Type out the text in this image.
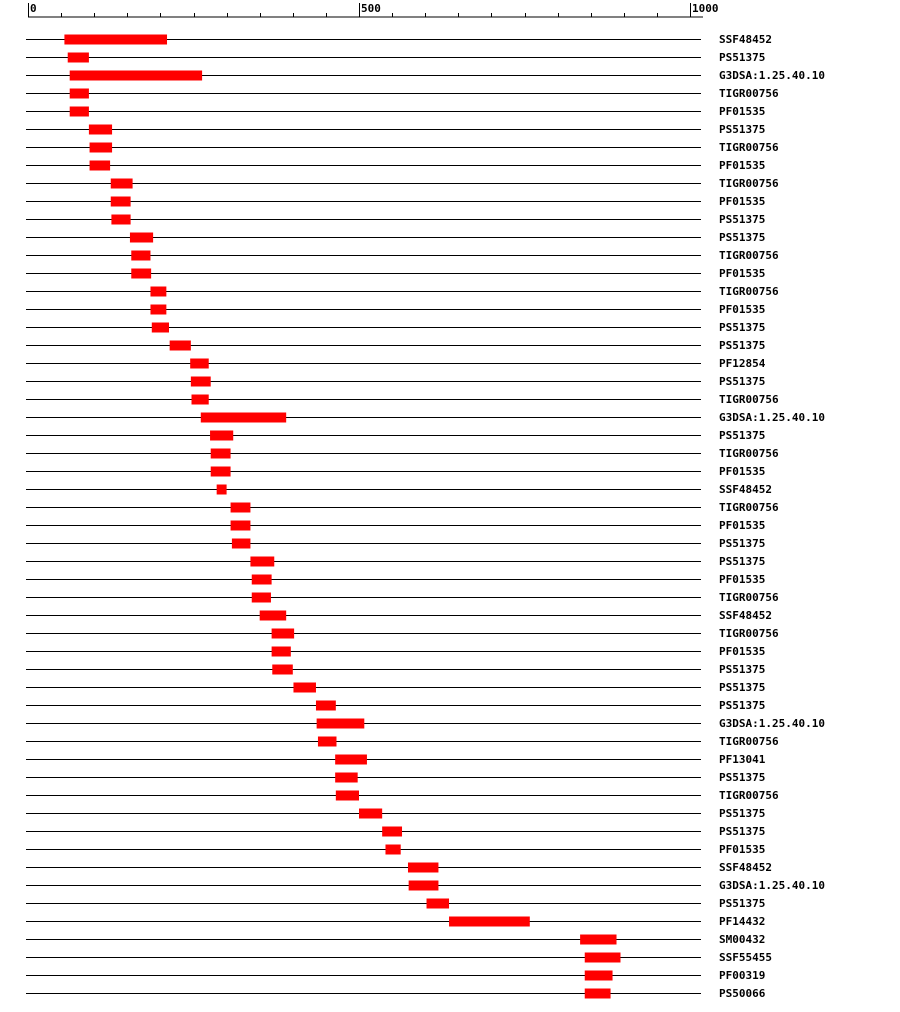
0	500	1000
SSF48452
PS51375
G3DSA:1.25.40.10
TIGR00756
PF01535
PS51375
TIGR00756
PF01535
TIGR00756
PF01535
PS51375
PS51375
TIGR00756
PF01535
TIGR00756
PF01535
PS51375
PS51375
PF12854
PS51375
TIGR00756
G3DSA:1.25.40.10
PS51375
TIGR00756
PF01535
SSF48452
TIGR00756
PF01535
PS51375
PS51375
PF01535
TIGR00756
SSF48452
TIGR00756
PF01535
PS51375
PS51375
PS51375
G3DSA:1.25.40.10
TIGR00756
PF13041
PS51375
TIGR00756
PS51375
PS51375
PF01535
SSF48452
G3DSA:1.25.40.10
PS51375
PF14432
SM00432
SSF55455
PF00319
PS50066
